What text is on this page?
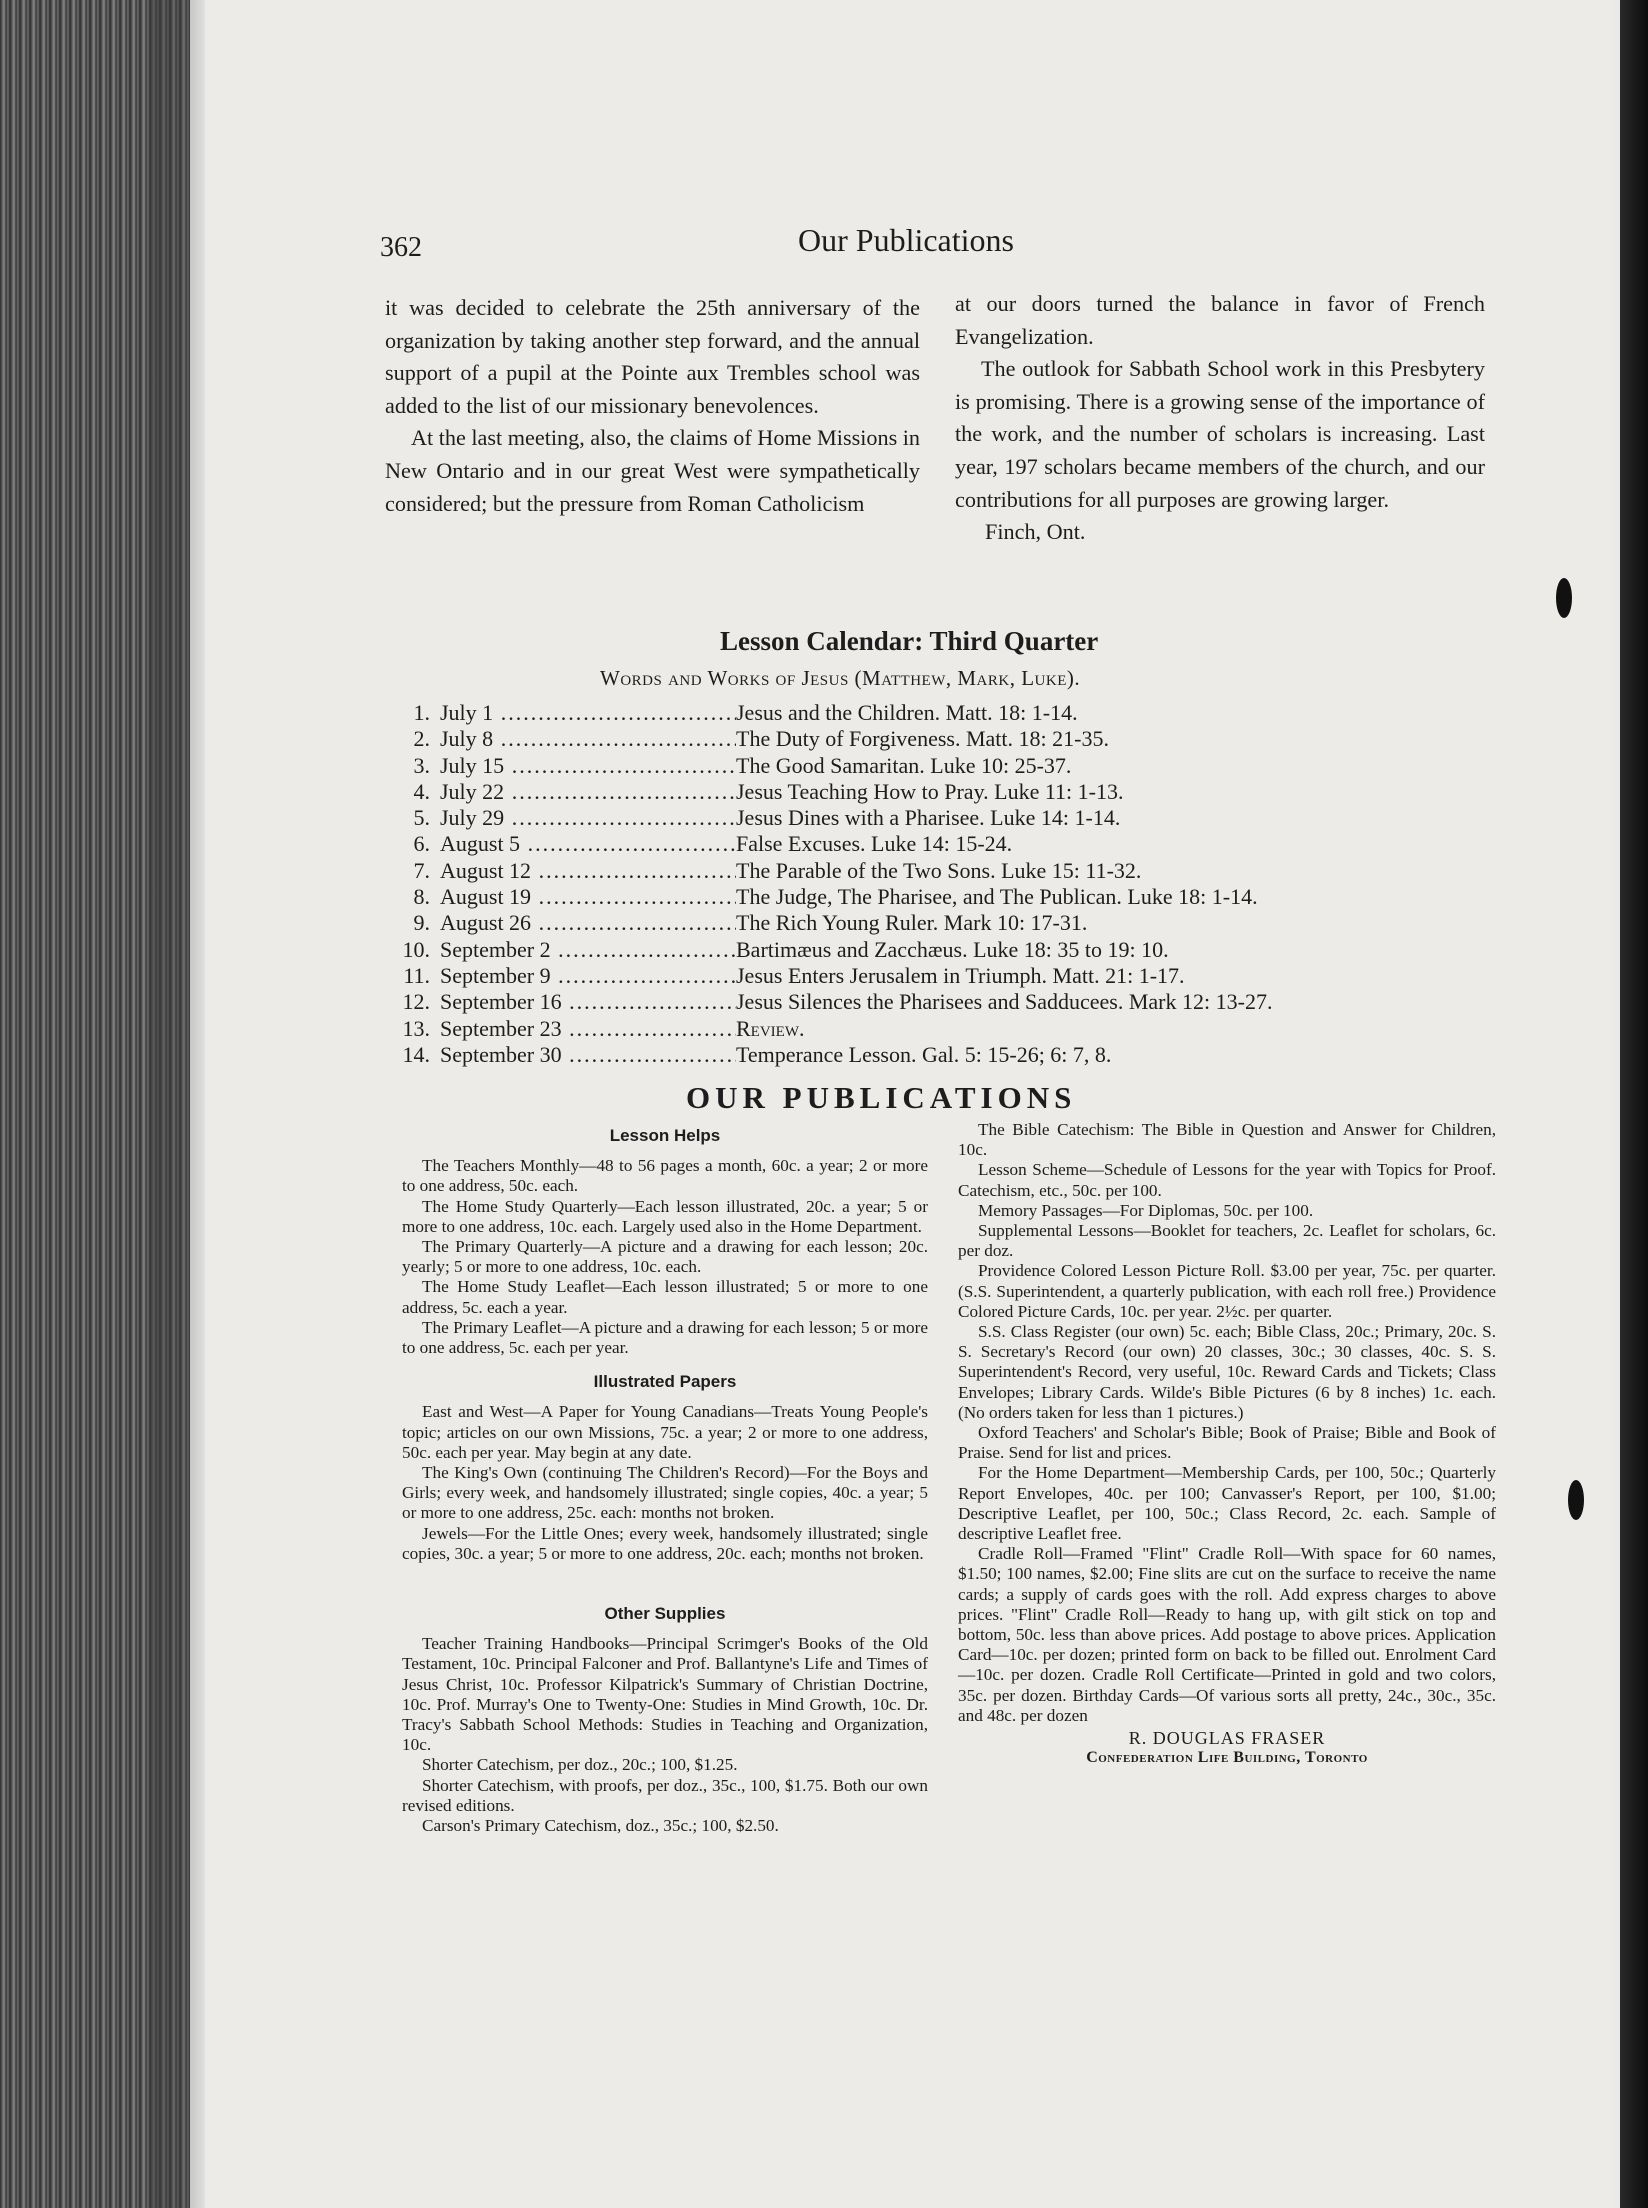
362	Our Publications

it was decided to celebrate the 25th anniversary of the organization by taking another step forward, and the annual support of a pupil at the Pointe aux Trembles school was added to the list of our missionary benevolences.

At the last meeting, also, the claims of Home Missions in New Ontario and in our great West were sympathetically considered; but the pressure from Roman Catholicism

at our doors turned the balance in favor of French Evangelization.

The outlook for Sabbath School work in this Presbytery is promising. There is a growing sense of the importance of the work, and the number of scholars is increasing. Last year, 197 scholars became members of the church, and our contributions for all purposes are growing larger.

Finch, Ont.

Lesson Calendar: Third Quarter
Words and Works of Jesus (Matthew, Mark, Luke).
1. July 1 .....	Jesus and the Children. Matt. 18: 1-14.
2. July 8 .....	The Duty of Forgiveness. Matt. 18: 21-35.
3. July 15 .....	The Good Samaritan. Luke 10: 25-37.
4. July 22 .....	Jesus Teaching How to Pray. Luke 11: 1-13.
5. July 29 .....	Jesus Dines with a Pharisee. Luke 14: 1-14.
6. August 5 .....	False Excuses. Luke 14: 15-24.
7. August 12 .....	The Parable of the Two Sons. Luke 15: 11-32.
8. August 19 .....	The Judge, The Pharisee, and The Publican. Luke 18: 1-14.
9. August 26 .....	The Rich Young Ruler. Mark 10: 17-31.
10. September 2 .....	Bartimæus and Zacchæus. Luke 18: 35 to 19: 10.
11. September 9 .....	Jesus Enters Jerusalem in Triumph. Matt. 21: 1-17.
12. September 16 .....	Jesus Silences the Pharisees and Sadducees. Mark 12: 13-27.
13. September 23 .....	Review.
14. September 30 .....	Temperance Lesson. Gal. 5: 15-26; 6: 7, 8.
OUR PUBLICATIONS
Lesson Helps

The Teachers Monthly—48 to 56 pages a month, 60c. a year; 2 or more to one address, 50c. each.

The Home Study Quarterly—Each lesson illustrated, 20c. a year; 5 or more to one address, 10c. each. Largely used also in the Home Department.

The Primary Quarterly—A picture and a drawing for each lesson; 20c. yearly; 5 or more to one address, 10c. each.

The Home Study Leaflet—Each lesson illustrated; 5 or more to one address, 5c. each a year.

The Primary Leaflet—A picture and a drawing for each lesson; 5 or more to one address, 5c. each per year.

Illustrated Papers

East and West—A Paper for Young Canadians—Treats Young People's topic; articles on our own Missions, 75c. a year; 2 or more to one address, 50c. each per year. May begin at any date.

The King's Own (continuing The Children's Record)—For the Boys and Girls; every week, and handsomely illustrated; single copies, 40c. a year; 5 or more to one address, 25c. each: months not broken.

Jewels—For the Little Ones; every week, handsomely illustrated; single copies, 30c. a year; 5 or more to one address, 20c. each; months not broken.

Other Supplies

Teacher Training Handbooks—Principal Scrimger's Books of the Old Testament, 10c. Principal Falconer and Prof. Ballantyne's Life and Times of Jesus Christ, 10c. Professor Kilpatrick's Summary of Christian Doctrine, 10c. Prof. Murray's One to Twenty-One: Studies in Mind Growth, 10c. Dr. Tracy's Sabbath School Methods: Studies in Teaching and Organization, 10c.

Shorter Catechism, per doz., 20c.; 100, $1.25.

Shorter Catechism, with proofs, per doz., 35c., 100, $1.75. Both our own revised editions.

Carson's Primary Catechism, doz., 35c.; 100, $2.50.

The Bible Catechism: The Bible in Question and Answer for Children, 10c.

Lesson Scheme—Schedule of Lessons for the year with Topics for Proof. Catechism, etc., 50c. per 100.

Memory Passages—For Diplomas, 50c. per 100.

Supplemental Lessons—Booklet for teachers, 2c. Leaflet for scholars, 6c. per doz.

Providence Colored Lesson Picture Roll. $3.00 per year, 75c. per quarter. (S.S. Superintendent, a quarterly publication, with each roll free.) Providence Colored Picture Cards, 10c. per year. 2½c. per quarter.

S.S. Class Register (our own) 5c. each; Bible Class, 20c.; Primary, 20c. S. S. Secretary's Record (our own) 20 classes, 30c.; 30 classes, 40c. S. S. Superintendent's Record, very useful, 10c. Reward Cards and Tickets; Class Envelopes; Library Cards. Wilde's Bible Pictures (6 by 8 inches) 1c. each. (No orders taken for less than 1 pictures.)

Oxford Teachers' and Scholar's Bible; Book of Praise; Bible and Book of Praise. Send for list and prices.

For the Home Department—Membership Cards, per 100, 50c.; Quarterly Report Envelopes, 40c. per 100; Canvasser's Report, per 100, $1.00; Descriptive Leaflet, per 100, 50c.; Class Record, 2c. each. Sample of descriptive Leaflet free.

Cradle Roll—Framed "Flint" Cradle Roll—With space for 60 names, $1.50; 100 names, $2.00; Fine slits are cut on the surface to receive the name cards; a supply of cards goes with the roll. Add express charges to above prices. "Flint" Cradle Roll—Ready to hang up, with gilt stick on top and bottom, 50c. less than above prices. Add postage to above prices. Application Card—10c. per dozen; printed form on back to be filled out. Enrolment Card—10c. per dozen. Cradle Roll Certificate—Printed in gold and two colors, 35c. per dozen. Birthday Cards—Of various sorts all pretty, 24c., 30c., 35c. and 48c. per dozen

R. DOUGLAS FRASER
Confederation Life Building, Toronto
